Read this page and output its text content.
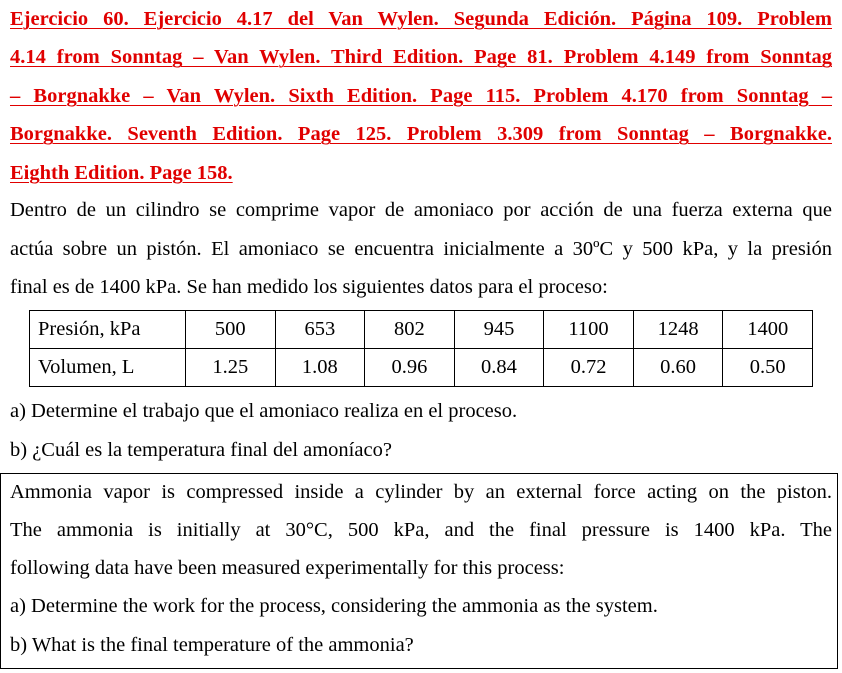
Ejercicio 60. Ejercicio 4.17 del Van Wylen. Segunda Edición. Página 109. Problem
4.14 from Sonntag – Van Wylen. Third Edition. Page 81. Problem 4.149 from Sonntag
– Borgnakke – Van Wylen. Sixth Edition. Page 115. Problem 4.170 from Sonntag –
Borgnakke. Seventh Edition. Page 125. Problem 3.309 from Sonntag – Borgnakke.
Eighth Edition. Page 158.
Dentro de un cilindro se comprime vapor de amoniaco por acción de una fuerza externa que
actúa sobre un pistón. El amoniaco se encuentra inicialmente a 30ºC y 500 kPa, y la presión
final es de 1400 kPa. Se han medido los siguientes datos para el proceso:
Presión, kPa	500	653	802	945	1100	1248	1400
Volumen, L	1.25	1.08	0.96	0.84	0.72	0.60	0.50
a) Determine el trabajo que el amoniaco realiza en el proceso.
b) ¿Cuál es la temperatura final del amoníaco?
Ammonia vapor is compressed inside a cylinder by an external force acting on the piston.
The ammonia is initially at 30°C, 500 kPa, and the final pressure is 1400 kPa. The
following data have been measured experimentally for this process:
a) Determine the work for the process, considering the ammonia as the system.
b) What is the final temperature of the ammonia?
